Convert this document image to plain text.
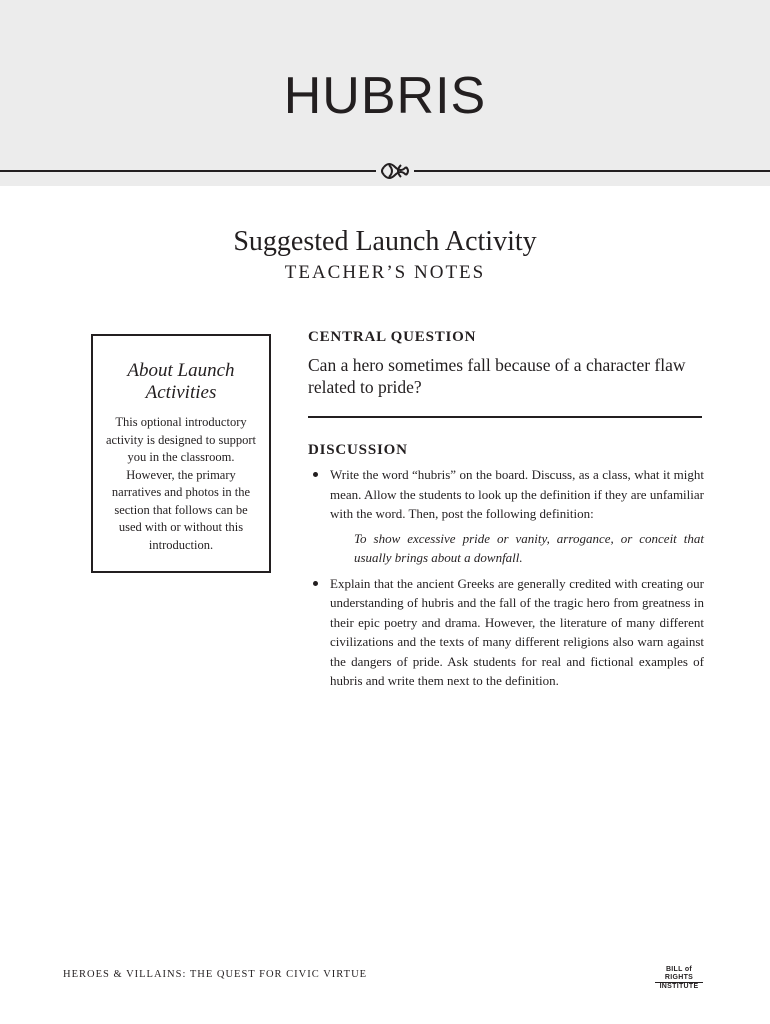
HUBRIS
Suggested Launch Activity
TEACHER’S NOTES
About Launch Activities
This optional introductory activity is designed to support you in the classroom. However, the primary narratives and photos in the section that follows can be used with or without this introduction.
CENTRAL QUESTION
Can a hero sometimes fall because of a character flaw related to pride?
DISCUSSION
Write the word “hubris” on the board. Discuss, as a class, what it might mean. Allow the students to look up the definition if they are unfamiliar with the word. Then, post the following definition:
To show excessive pride or vanity, arrogance, or conceit that usually brings about a downfall.
Explain that the ancient Greeks are generally credited with creating our understanding of hubris and the fall of the tragic hero from greatness in their epic poetry and drama. However, the literature of many different civilizations and the texts of many different religions also warn against the dangers of pride. Ask students for real and fictional examples of hubris and write them next to the definition.
HEROES & VILLAINS: THE QUEST FOR CIVIC VIRTUE	BILL of RIGHTS
INSTITUTE
